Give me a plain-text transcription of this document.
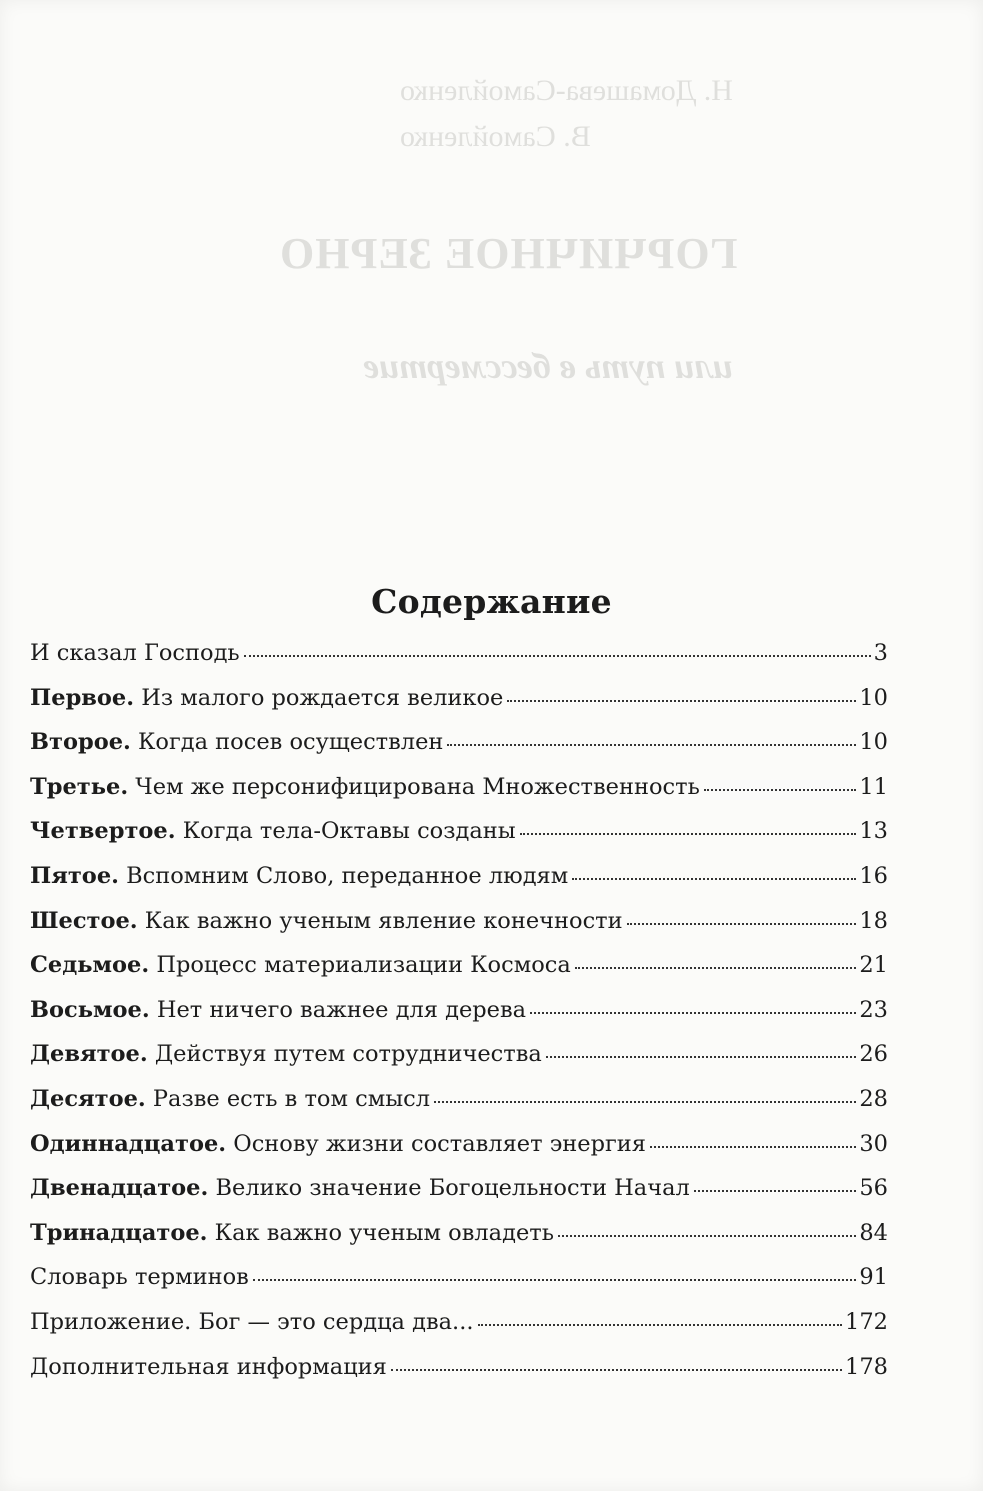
Н. Домашева-Самойленко
В. Самойленко
ГОРЧИЧНОЕ ЗЕРНО
или путь в бессмертие
Содержание
И сказал Господь	3
Первое. Из малого рождается великое	10
Второе. Когда посев осуществлен	10
Третье. Чем же персонифицирована Множественность	11
Четвертое. Когда тела-Октавы созданы	13
Пятое. Вспомним Слово, переданное людям	16
Шестое. Как важно ученым явление конечности	18
Седьмое. Процесс материализации Космоса	21
Восьмое. Нет ничего важнее для дерева	23
Девятое. Действуя путем сотрудничества	26
Десятое. Разве есть в том смысл	28
Одиннадцатое. Основу жизни составляет энергия	30
Двенадцатое. Велико значение Богоцельности Начал	56
Тринадцатое. Как важно ученым овладеть	84
Словарь терминов	91
Приложение. Бог — это сердца два...	172
Дополнительная информация	178
